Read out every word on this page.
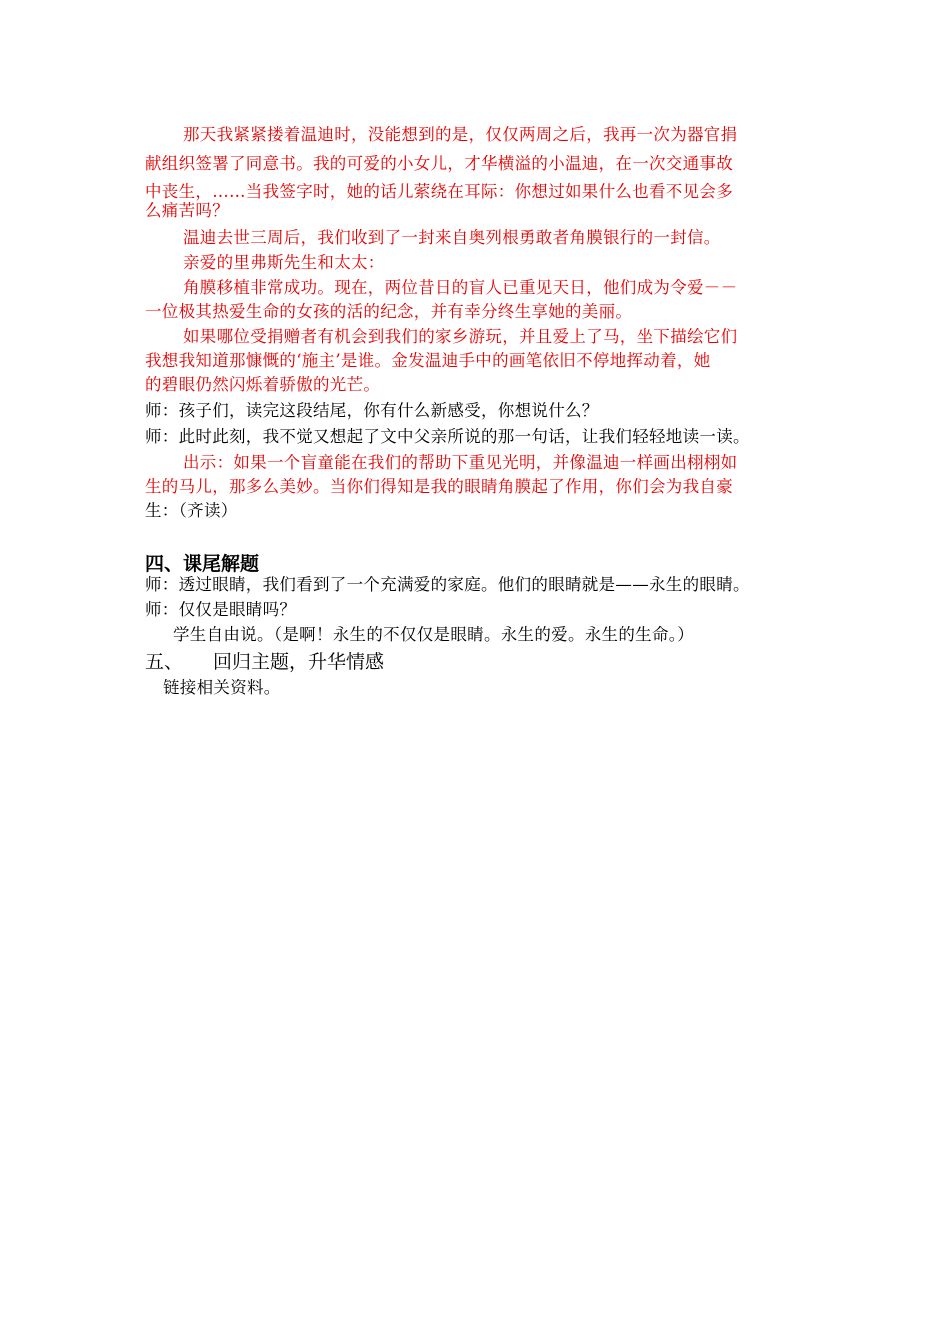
那天我紧紧搂着温迪时，没能想到的是，仅仅两周之后，我再一次为器官捐
献组织签署了同意书。我的可爱的小女儿，才华横溢的小温迪，在一次交通事故
中丧生，……当我签字时，她的话儿萦绕在耳际：你想过如果什么也看不见会多
么痛苦吗？
温迪去世三周后，我们收到了一封来自奥列根勇敢者角膜银行的一封信。
亲爱的里弗斯先生和太太：
角膜移植非常成功。现在，两位昔日的盲人已重见天日，他们成为令爱－－
一位极其热爱生命的女孩的活的纪念，并有幸分终生享她的美丽。
如果哪位受捐赠者有机会到我们的家乡游玩，并且爱上了马，坐下描绘它们
我想我知道那慷慨的‘施主’是谁。金发温迪手中的画笔依旧不停地挥动着，她
的碧眼仍然闪烁着骄傲的光芒。
师：孩子们，读完这段结尾，你有什么新感受，你想说什么？
师：此时此刻，我不觉又想起了文中父亲所说的那一句话，让我们轻轻地读一读。
出示：如果一个盲童能在我们的帮助下重见光明，并像温迪一样画出栩栩如
生的马儿，那多么美妙。当你们得知是我的眼睛角膜起了作用，你们会为我自豪
生：（齐读）
四、课尾解题
师：透过眼睛，我们看到了一个充满爱的家庭。他们的眼睛就是——永生的眼睛。
师：仅仅是眼睛吗？
学生自由说。（是啊！永生的不仅仅是眼睛。永生的爱。永生的生命。）
五、 回归主题，升华情感
链接相关资料。
